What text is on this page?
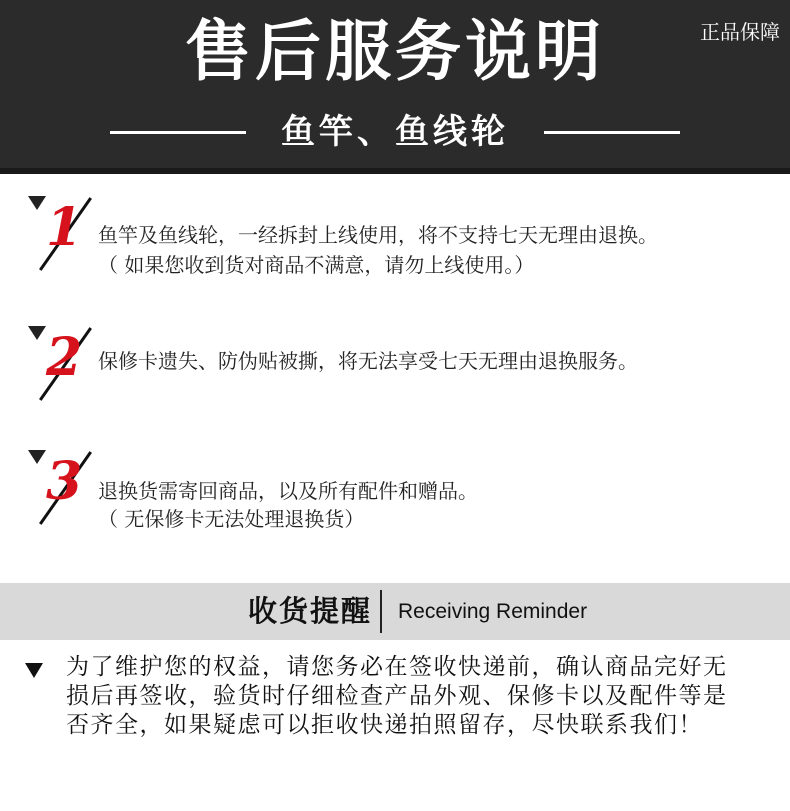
售后服务说明	正品保障
鱼竿、鱼线轮
1 鱼竿及鱼线轮，一经拆封上线使用，将不支持七天无理由退换。
（ 如果您收到货对商品不满意，请勿上线使用。）
2 保修卡遗失、防伪贴被撕，将无法享受七天无理由退换服务。
3 退换货需寄回商品，以及所有配件和赠品。
（ 无保修卡无法处理退换货）
收货提醒 Receiving Reminder
为了维护您的权益，请您务必在签收快递前，确认商品完好无损后再签收，验货时仔细检查产品外观、保修卡以及配件等是否齐全，如果疑虑可以拒收快递拍照留存，尽快联系我们！
